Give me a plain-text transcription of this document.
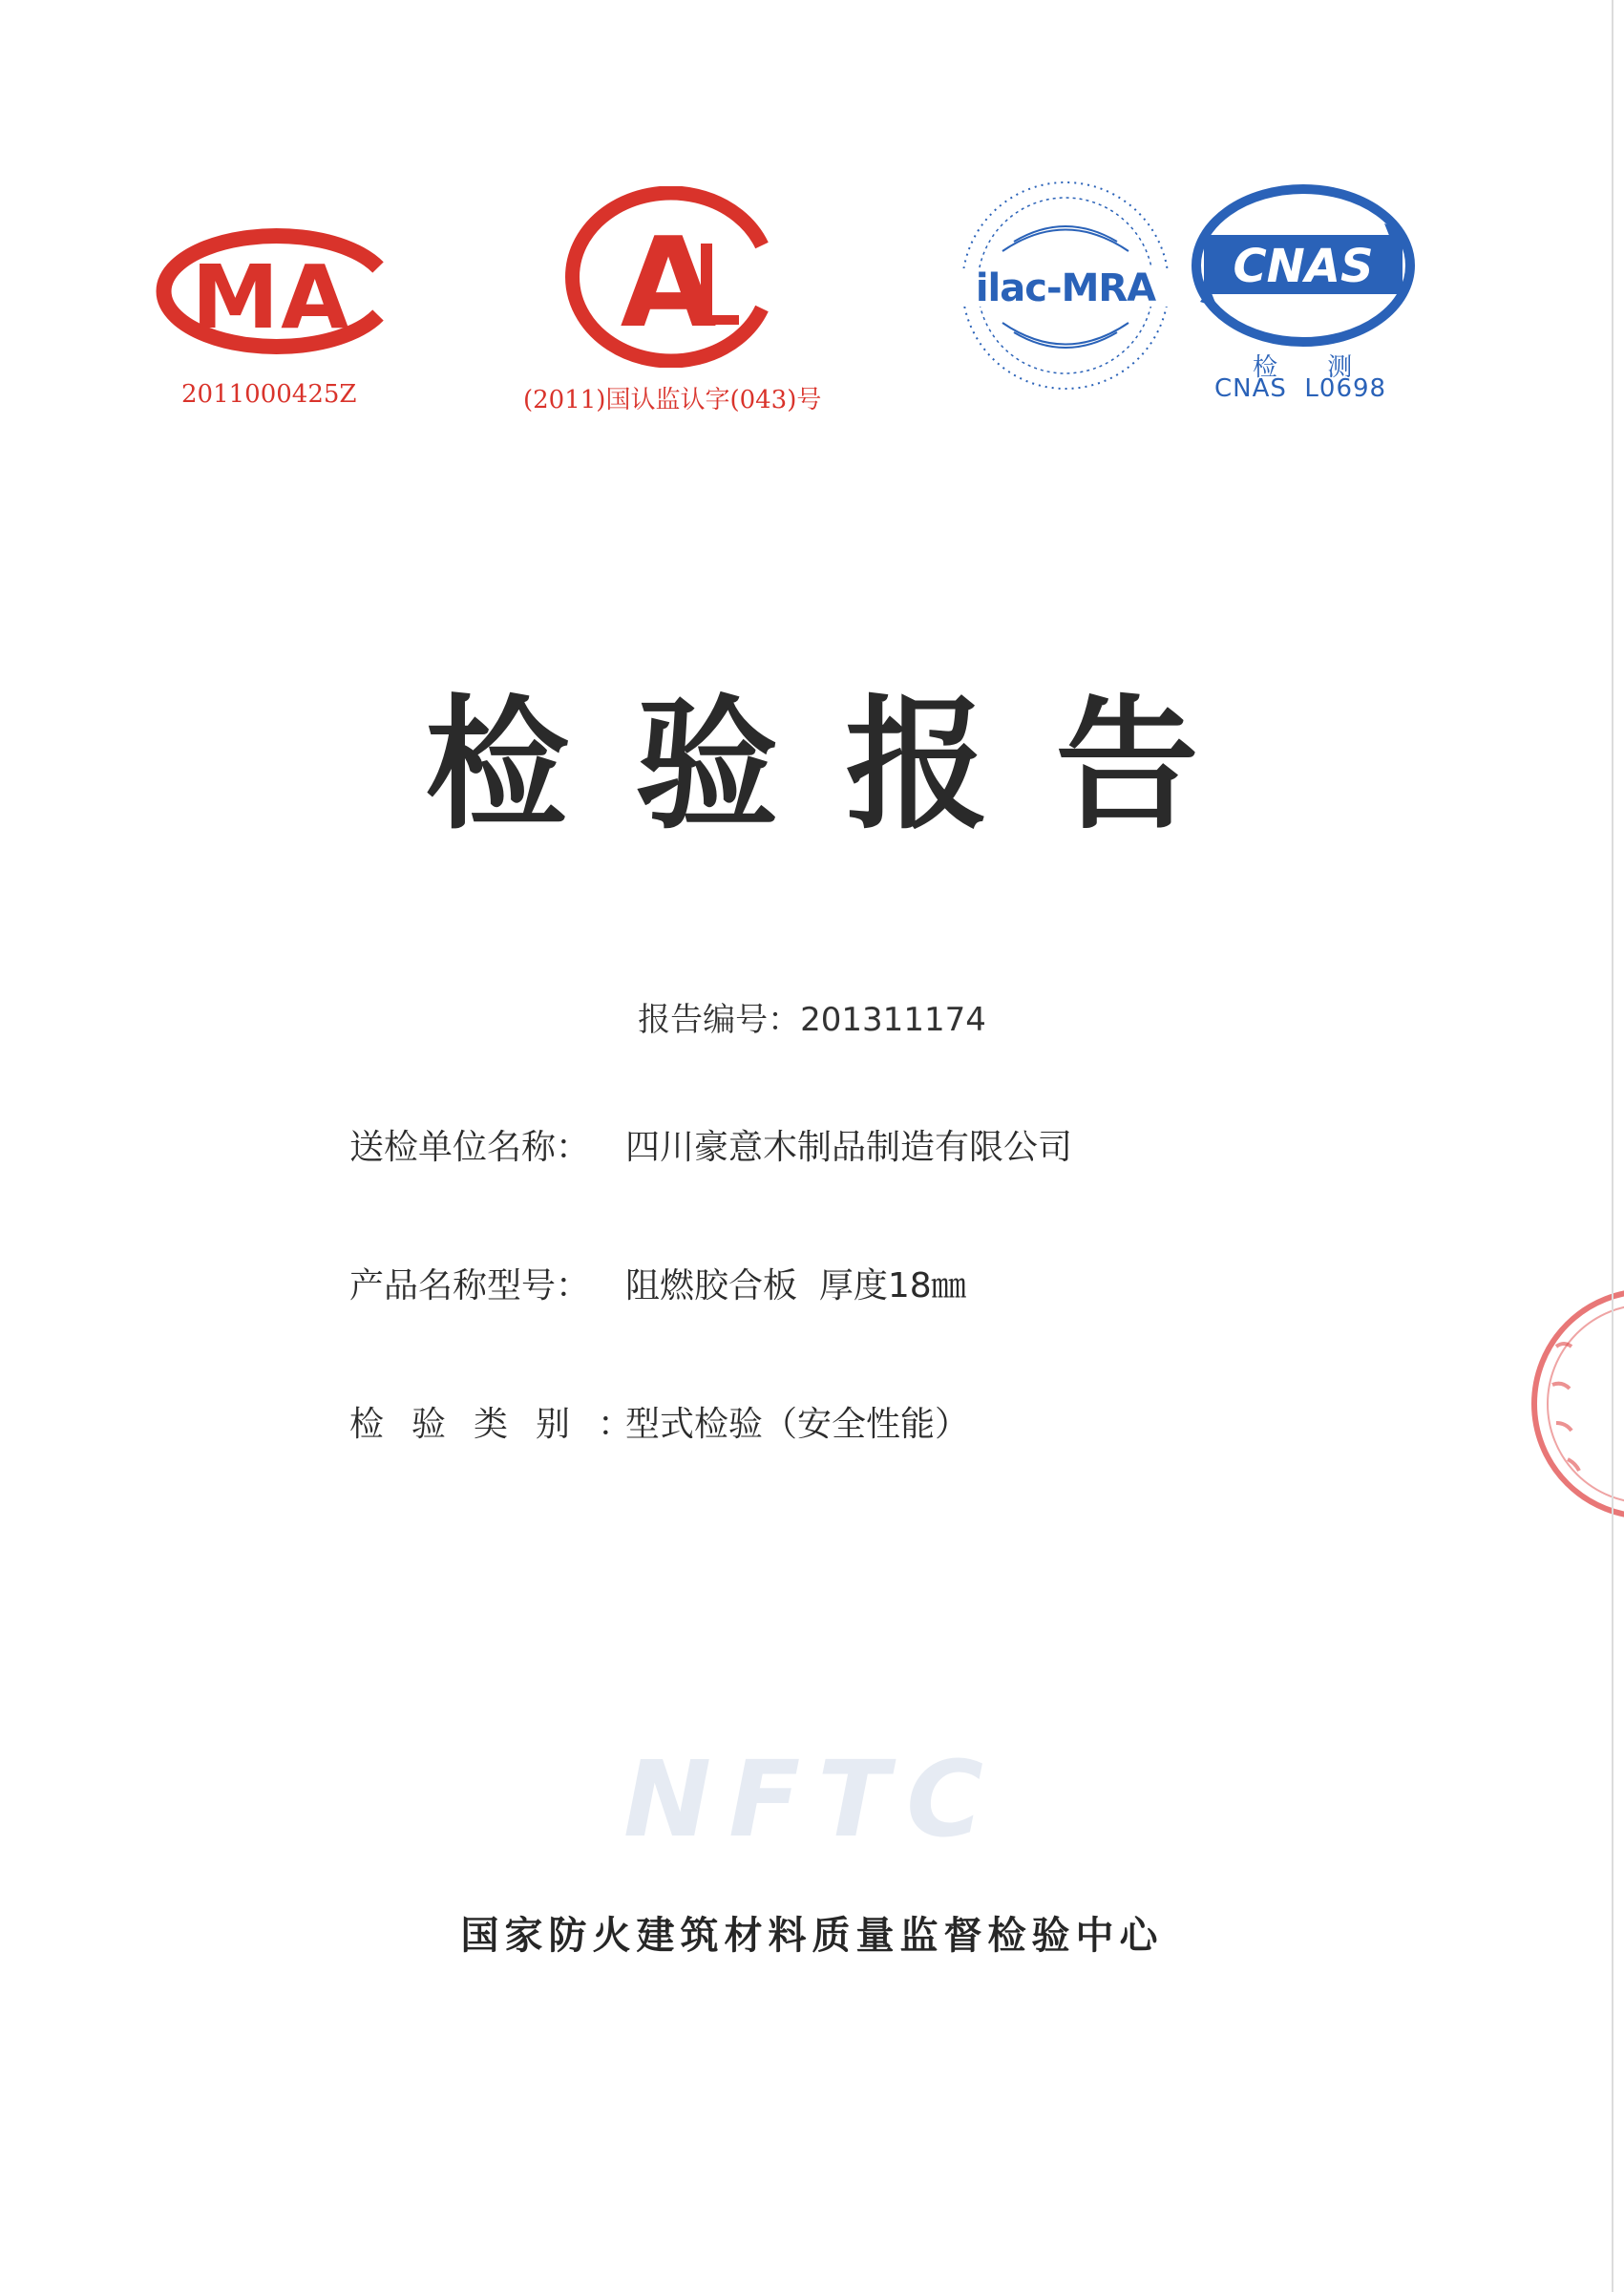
MA
2011000425Z
A
(2011)国认监认字(043)号
ilac-MRA CNAS
检 测
CNAS  L0698
检验报告
报告编号：201311174
送检单位名称： 四川豪意木制品制造有限公司
产品名称型号： 阻燃胶合板  厚度18㎜
检验类别：
型式检验（安全性能）
NFTC
国家防火建筑材料质量监督检验中心
